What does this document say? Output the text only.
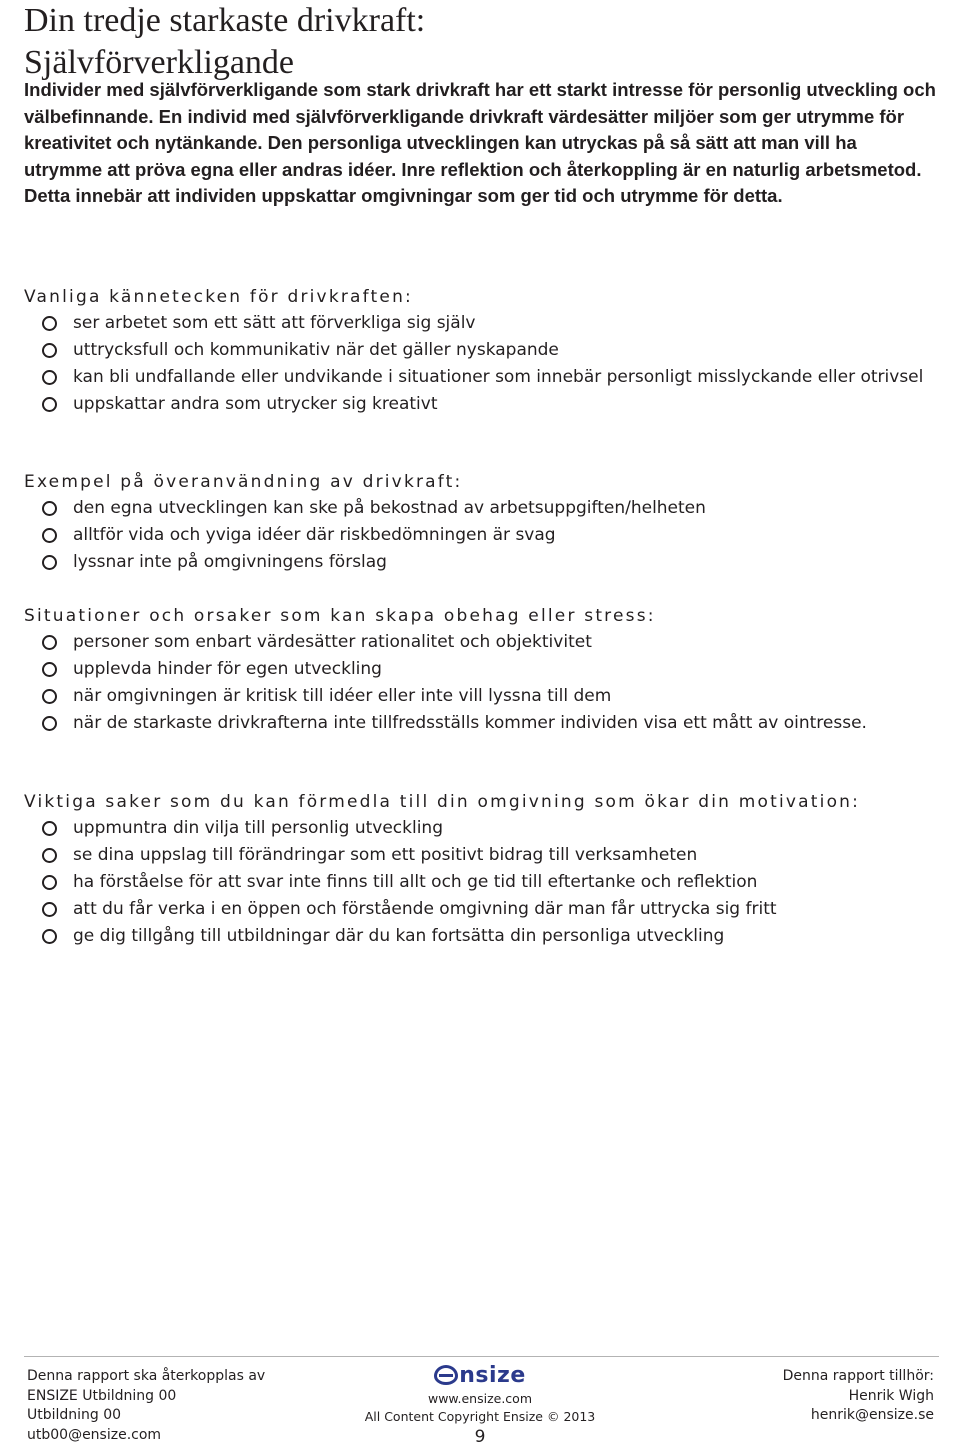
Din tredje starkaste drivkraft:
Självförverkligande

Individer med självförverkligande som stark drivkraft har ett starkt intresse för personlig utveckling och välbefinnande. En individ med självförverkligande drivkraft värdesätter miljöer som ger utrymme för kreativitet och nytänkande. Den personliga utvecklingen kan utryckas på så sätt att man vill ha utrymme att pröva egna eller andras idéer. Inre reflektion och återkoppling är en naturlig arbetsmetod. Detta innebär att individen uppskattar omgivningar som ger tid och utrymme för detta.

Vanliga kännetecken för drivkraften:
ser arbetet som ett sätt att förverkliga sig själv
uttrycksfull och kommunikativ när det gäller nyskapande
kan bli undfallande eller undvikande i situationer som innebär personligt misslyckande eller otrivsel
uppskattar andra som utrycker sig kreativt
Exempel på överanvändning av drivkraft:
den egna utvecklingen kan ske på bekostnad av arbetsuppgiften/helheten
alltför vida och yviga idéer där riskbedömningen är svag
lyssnar inte på omgivningens förslag
Situationer och orsaker som kan skapa obehag eller stress:
personer som enbart värdesätter rationalitet och objektivitet
upplevda hinder för egen utveckling
när omgivningen är kritisk till idéer eller inte vill lyssna till dem
när de starkaste drivkrafterna inte tillfredsställs kommer individen visa ett mått av ointresse.
Viktiga saker som du kan förmedla till din omgivning som ökar din motivation:
uppmuntra din vilja till personlig utveckling
se dina uppslag till förändringar som ett positivt bidrag till verksamheten
ha förståelse för att svar inte finns till allt och ge tid till eftertanke och reflektion
att du får verka i en öppen och förstående omgivning där man får uttrycka sig fritt
ge dig tillgång till utbildningar där du kan fortsätta din personliga utveckling
Denna rapport ska återkopplas av
ENSIZE Utbildning 00
Utbildning 00
utb00@ensize.com
nsize
www.ensize.com
All Content Copyright Ensize © 2013
9
Denna rapport tillhör:
Henrik Wigh
henrik@ensize.se
